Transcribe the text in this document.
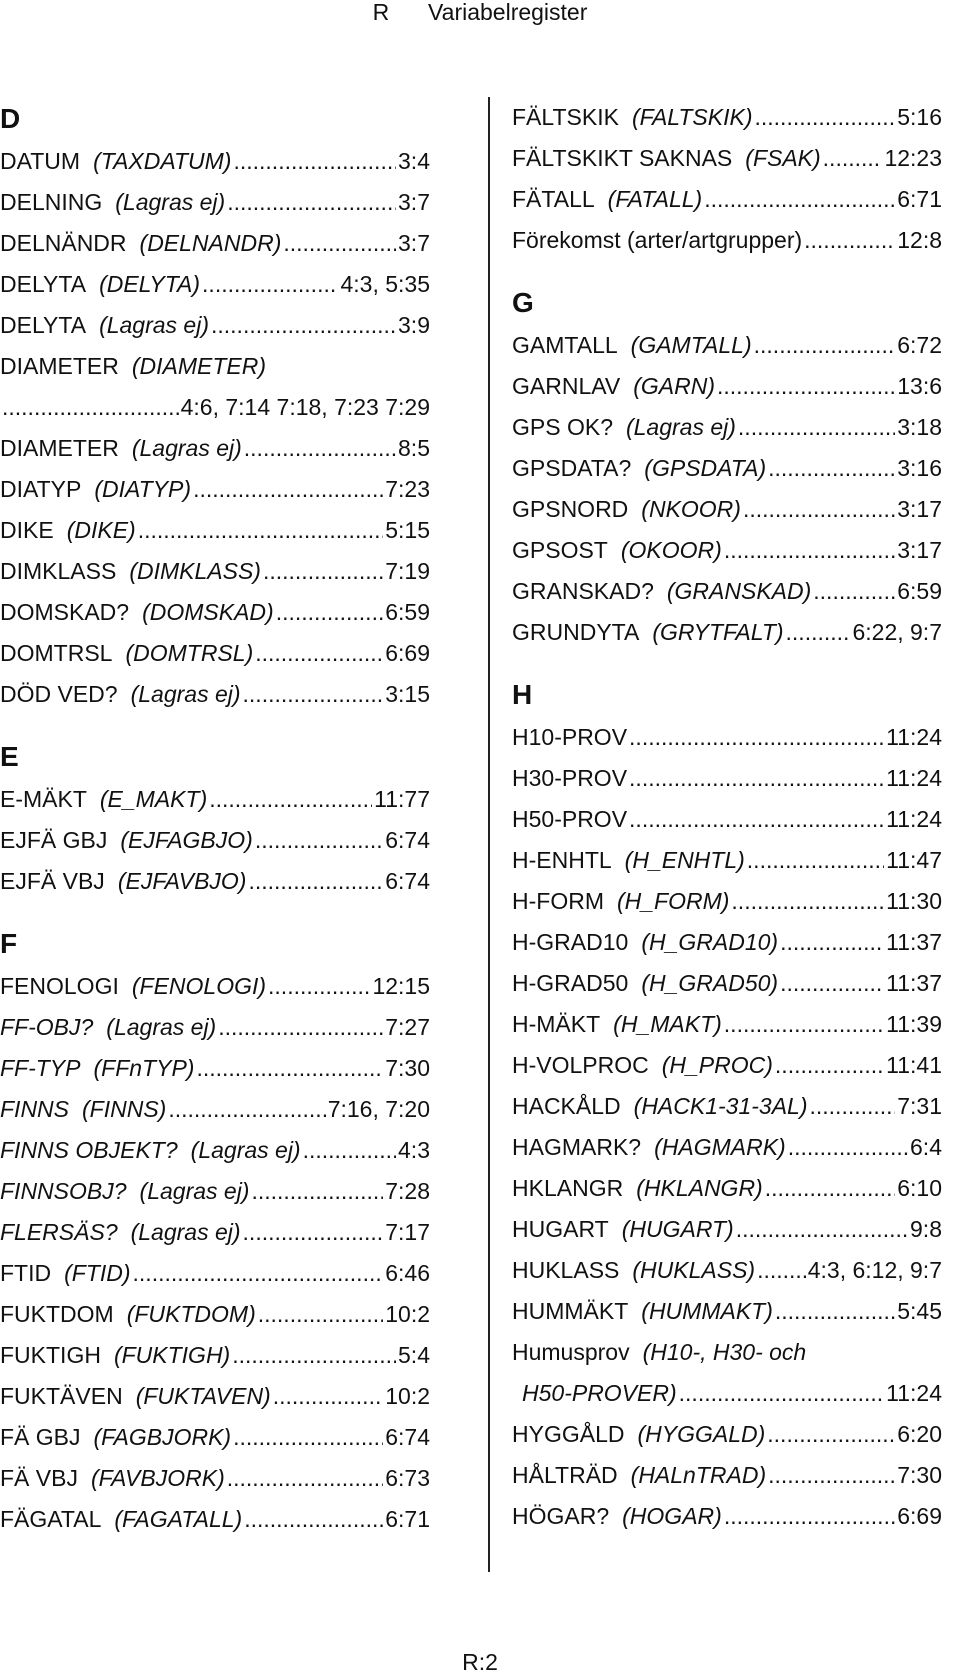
R Variabelregister
D
DATUM (TAXDATUM) .....	3:4
DELNING (Lagras ej) .....	3:7
DELNÄNDR (DELNANDR) .....	3:7
DELYTA (DELYTA) .....	4:3, 5:35
DELYTA (Lagras ej) .....	3:9
DIAMETER (DIAMETER)
.....
4:6, 7:14 7:18, 7:23 7:29
DIAMETER (Lagras ej) .....	8:5
DIATYP (DIATYP) .....	7:23
DIKE (DIKE) .....	5:15
DIMKLASS (DIMKLASS) .....	7:19
DOMSKAD? (DOMSKAD) .....	6:59
DOMTRSL (DOMTRSL) .....	6:69
DÖD VED? (Lagras ej) .....	3:15
E
E-MÄKT (E_MAKT) .....	11:77
EJFÄ GBJ (EJFAGBJO) .....	6:74
EJFÄ VBJ (EJFAVBJO) .....	6:74
F
FENOLOGI (FENOLOGI) .....	12:15
FF-OBJ? (Lagras ej) .....	7:27
FF-TYP (FFnTYP) .....	7:30
FINNS (FINNS) .....	7:16, 7:20
FINNS OBJEKT? (Lagras ej) .....	4:3
FINNSOBJ? (Lagras ej) .....	7:28
FLERSÄS? (Lagras ej) .....	7:17
FTID (FTID) .....	6:46
FUKTDOM (FUKTDOM) .....	10:2
FUKTIGH (FUKTIGH) .....	5:4
FUKTÄVEN (FUKTAVEN) .....	10:2
FÄ GBJ (FAGBJORK) .....	6:74
FÄ VBJ (FAVBJORK) .....	6:73
FÄGATAL (FAGATALL) .....	6:71
FÄLTSKIK (FALTSKIK) .....	5:16
FÄLTSKIKT SAKNAS (FSAK) .....	12:23
FÄTALL (FATALL) .....	6:71
Förekomst (arter/artgrupper) .....	12:8
G
GAMTALL (GAMTALL) .....	6:72
GARNLAV (GARN) .....	13:6
GPS OK? (Lagras ej) .....	3:18
GPSDATA? (GPSDATA) .....	3:16
GPSNORD (NKOOR) .....	3:17
GPSOST (OKOOR) .....	3:17
GRANSKAD? (GRANSKAD) .....	6:59
GRUNDYTA (GRYTFALT) .....	6:22, 9:7
H
H10-PROV .....	11:24
H30-PROV .....	11:24
H50-PROV .....	11:24
H-ENHTL (H_ENHTL) .....	11:47
H-FORM (H_FORM) .....	11:30
H-GRAD10 (H_GRAD10) .....	11:37
H-GRAD50 (H_GRAD50) .....	11:37
H-MÄKT (H_MAKT) .....	11:39
H-VOLPROC (H_PROC) .....	11:41
HACKÅLD (HACK1-31-3AL) .....	7:31
HAGMARK? (HAGMARK) .....	6:4
HKLANGR (HKLANGR) .....	6:10
HUGART (HUGART) .....	9:8
HUKLASS (HUKLASS) ..... 4:3, 6:12, 9:7
HUMMÄKT (HUMMAKT) .....	5:45
Humusprov (H10-, H30- och
H50-PROVER) .....	11:24
HYGGÅLD (HYGGALD) .....	6:20
HÅLTRÄD (HALnTRAD) .....	7:30
HÖGAR? (HOGAR) .....	6:69
R:2
